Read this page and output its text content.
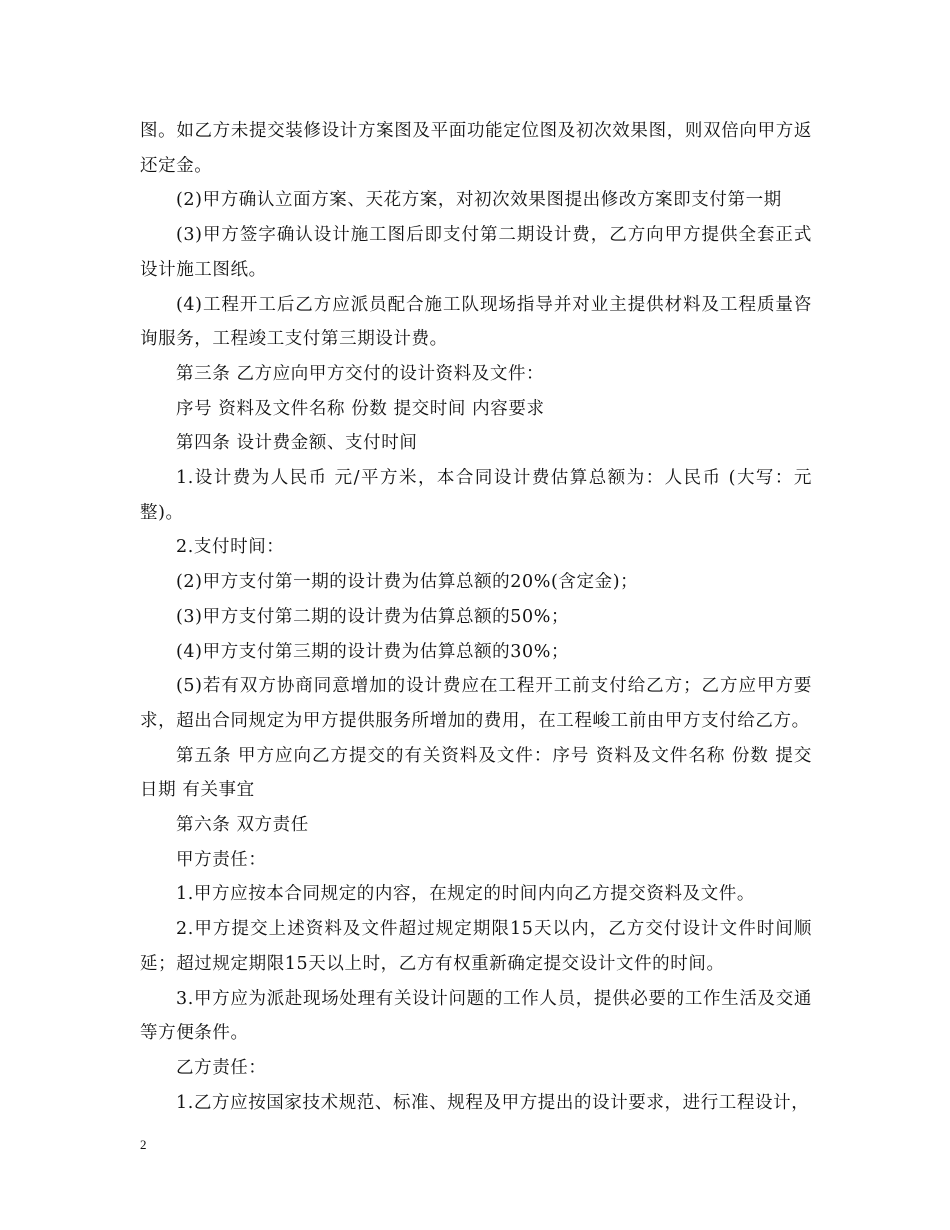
图。如乙方未提交装修设计方案图及平面功能定位图及初次效果图，则双倍向甲方返还定金。

(2)甲方确认立面方案、天花方案，对初次效果图提出修改方案即支付第一期

(3)甲方签字确认设计施工图后即支付第二期设计费，乙方向甲方提供全套正式设计施工图纸。

(4)工程开工后乙方应派员配合施工队现场指导并对业主提供材料及工程质量咨询服务，工程竣工支付第三期设计费。

第三条 乙方应向甲方交付的设计资料及文件：

序号 资料及文件名称 份数 提交时间 内容要求

第四条 设计费金额、支付时间

1.设计费为人民币 元/平方米，本合同设计费估算总额为：人民币 (大写：元整)。

2.支付时间：

(2)甲方支付第一期的设计费为估算总额的20%(含定金)；

(3)甲方支付第二期的设计费为估算总额的50%；

(4)甲方支付第三期的设计费为估算总额的30%；

(5)若有双方协商同意增加的设计费应在工程开工前支付给乙方；乙方应甲方要求，超出合同规定为甲方提供服务所增加的费用，在工程峻工前由甲方支付给乙方。

第五条 甲方应向乙方提交的有关资料及文件：序号 资料及文件名称 份数 提交日期 有关事宜

第六条 双方责任

甲方责任：

1.甲方应按本合同规定的内容，在规定的时间内向乙方提交资料及文件。

2.甲方提交上述资料及文件超过规定期限15天以内，乙方交付设计文件时间顺延；超过规定期限15天以上时，乙方有权重新确定提交设计文件的时间。

3.甲方应为派赴现场处理有关设计问题的工作人员，提供必要的工作生活及交通等方便条件。

乙方责任：

1.乙方应按国家技术规范、标准、规程及甲方提出的设计要求，进行工程设计，

2
